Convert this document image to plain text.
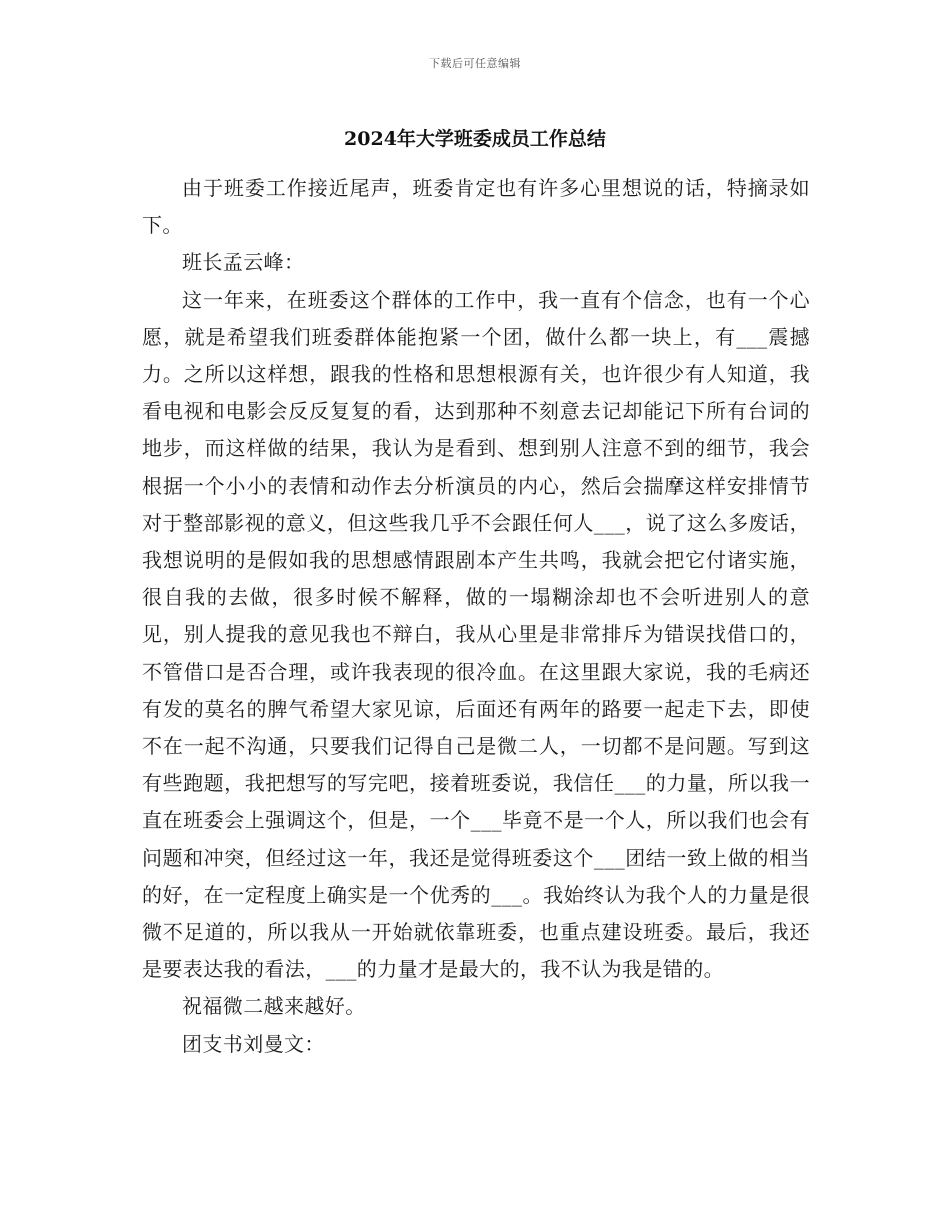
下载后可任意编辑
2024年大学班委成员工作总结

由于班委工作接近尾声，班委肯定也有许多心里想说的话，特摘录如下。

班长孟云峰：

这一年来，在班委这个群体的工作中，我一直有个信念，也有一个心愿，就是希望我们班委群体能抱紧一个团，做什么都一块上，有___震撼力。之所以这样想，跟我的性格和思想根源有关，也许很少有人知道，我看电视和电影会反反复复的看，达到那种不刻意去记却能记下所有台词的地步，而这样做的结果，我认为是看到、想到别人注意不到的细节，我会根据一个小小的表情和动作去分析演员的内心，然后会揣摩这样安排情节对于整部影视的意义，但这些我几乎不会跟任何人___，说了这么多废话，我想说明的是假如我的思想感情跟剧本产生共鸣，我就会把它付诸实施，很自我的去做，很多时候不解释，做的一塌糊涂却也不会听进别人的意见，别人提我的意见我也不辩白，我从心里是非常排斥为错误找借口的，不管借口是否合理，或许我表现的很冷血。在这里跟大家说，我的毛病还有发的莫名的脾气希望大家见谅，后面还有两年的路要一起走下去，即使不在一起不沟通，只要我们记得自己是微二人，一切都不是问题。写到这有些跑题，我把想写的写完吧，接着班委说，我信任___的力量，所以我一直在班委会上强调这个，但是，一个___毕竟不是一个人，所以我们也会有问题和冲突，但经过这一年，我还是觉得班委这个___团结一致上做的相当的好，在一定程度上确实是一个优秀的___。我始终认为我个人的力量是很微不足道的，所以我从一开始就依靠班委，也重点建设班委。最后，我还是要表达我的看法，___的力量才是最大的，我不认为我是错的。

祝福微二越来越好。

团支书刘曼文：
